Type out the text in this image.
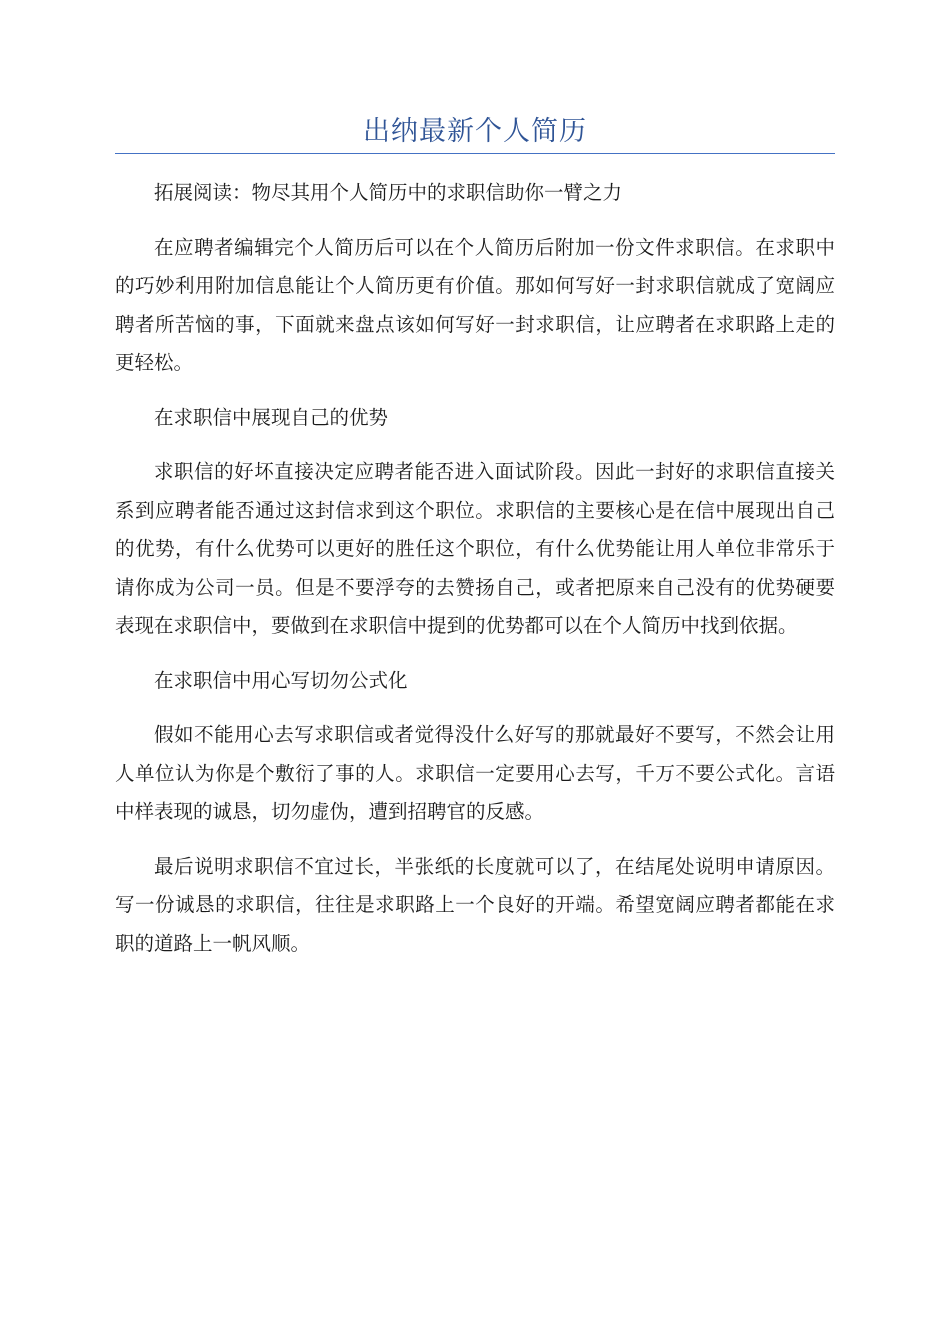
出纳最新个人简历

拓展阅读：物尽其用个人简历中的求职信助你一臂之力

在应聘者编辑完个人简历后可以在个人简历后附加一份文件求职信。在求职中的巧妙利用附加信息能让个人简历更有价值。那如何写好一封求职信就成了宽阔应聘者所苦恼的事，下面就来盘点该如何写好一封求职信，让应聘者在求职路上走的更轻松。

在求职信中展现自己的优势

求职信的好坏直接决定应聘者能否进入面试阶段。因此一封好的求职信直接关系到应聘者能否通过这封信求到这个职位。求职信的主要核心是在信中展现出自己的优势，有什么优势可以更好的胜任这个职位，有什么优势能让用人单位非常乐于请你成为公司一员。但是不要浮夸的去赞扬自己，或者把原来自己没有的优势硬要表现在求职信中，要做到在求职信中提到的优势都可以在个人简历中找到依据。

在求职信中用心写切勿公式化

假如不能用心去写求职信或者觉得没什么好写的那就最好不要写，不然会让用人单位认为你是个敷衍了事的人。求职信一定要用心去写，千万不要公式化。言语中样表现的诚恳，切勿虚伪，遭到招聘官的反感。

最后说明求职信不宜过长，半张纸的长度就可以了，在结尾处说明申请原因。写一份诚恳的求职信，往往是求职路上一个良好的开端。希望宽阔应聘者都能在求职的道路上一帆风顺。
